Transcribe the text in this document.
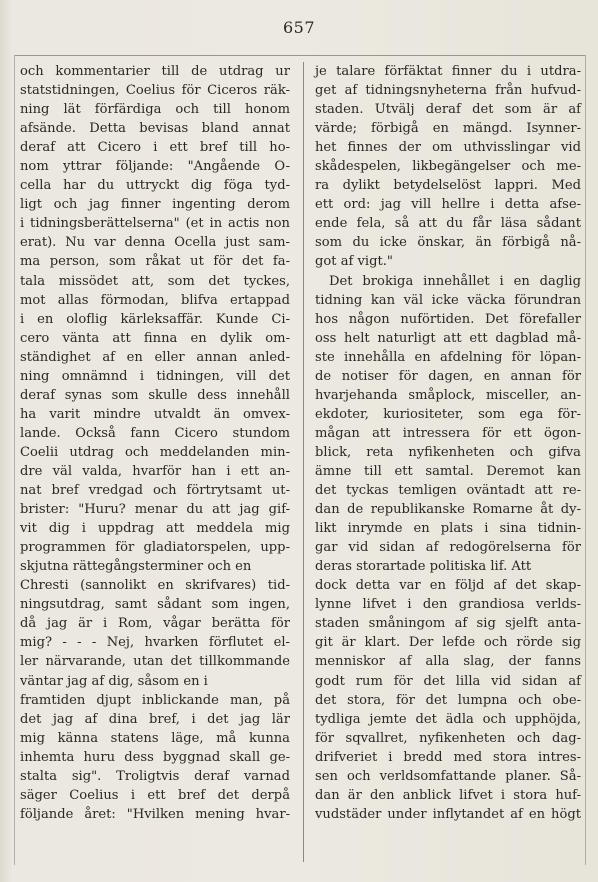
657
och kommentarier till de utdrag ur
statstidningen, Coelius för Ciceros räk-
ning lät förfärdiga och till honom
afsände. Detta bevisas bland annat
deraf att Cicero i ett bref till ho-
nom yttrar följande: "Angående O-
cella har du uttryckt dig föga tyd-
ligt och jag finner ingenting derom
i tidningsberättelserna" (et in actis non
erat). Nu var denna Ocella just sam-
ma person, som råkat ut för det fa-
tala missödet att, som det tyckes,
mot allas förmodan, blifva ertappad
i en oloflig kärleksaffär. Kunde Ci-
cero vänta att finna en dylik om-
ständighet af en eller annan anled-
ning omnämnd i tidningen, vill det
deraf synas som skulle dess innehåll
ha varit mindre utvaldt än omvex-
lande. Också fann Cicero stundom
Coelii utdrag och meddelanden min-
dre väl valda, hvarför han i ett an-
nat bref vredgad och förtrytsamt ut-
brister: "Huru? menar du att jag gif-
vit dig i uppdrag att meddela mig
programmen för gladiatorspelen, upp-
skjutna rättegångsterminer och en
Chresti (sannolikt en skrifvares) tid-
ningsutdrag, samt sådant som ingen,
då jag är i Rom, vågar berätta för
mig? - - - Nej, hvarken förflutet el-
ler närvarande, utan det tillkommande
väntar jag af dig, såsom en i
framtiden djupt inblickande man, på
det jag af dina bref, i det jag lär
mig känna statens läge, må kunna
inhemta huru dess byggnad skall ge-
stalta sig". Troligtvis deraf varnad
säger Coelius i ett bref det derpå
följande året: "Hvilken mening hvar-
je talare förfäktat finner du i utdra-
get af tidningsnyheterna från hufvud-
staden. Utvälj deraf det som är af
värde; förbigå en mängd. Isynner-
het finnes der om uthvisslingar vid
skådespelen, likbegängelser och me-
ra dylikt betydelselöst lappri. Med
ett ord: jag vill hellre i detta afse-
ende fela, så att du får läsa sådant
som du icke önskar, än förbigå nå-
got af vigt."
Det brokiga innehållet i en daglig
tidning kan väl icke väcka förundran
hos någon nuförtiden. Det förefaller
oss helt naturligt att ett dagblad må-
ste innehålla en afdelning för löpan-
de notiser för dagen, en annan för
hvarjehanda småplock, misceller, an-
ekdoter, kuriositeter, som ega för-
mågan att intressera för ett ögon-
blick, reta nyfikenheten och gifva
ämne till ett samtal. Deremot kan
det tyckas temligen oväntadt att re-
dan de republikanske Romarne åt dy-
likt inrymde en plats i sina tidnin-
gar vid sidan af redogörelserna för
deras storartade politiska lif. Att
dock detta var en följd af det skap-
lynne lifvet i den grandiosa verlds-
staden småningom af sig sjelft anta-
git är klart. Der lefde och rörde sig
menniskor af alla slag, der fanns
godt rum för det lilla vid sidan af
det stora, för det lumpna och obe-
tydliga jemte det ädla och upphöjda,
för sqvallret, nyfikenheten och dag-
drifveriet i bredd med stora intres-
sen och verldsomfattande planer. Så-
dan är den anblick lifvet i stora huf-
vudstäder under inflytandet af en högt
